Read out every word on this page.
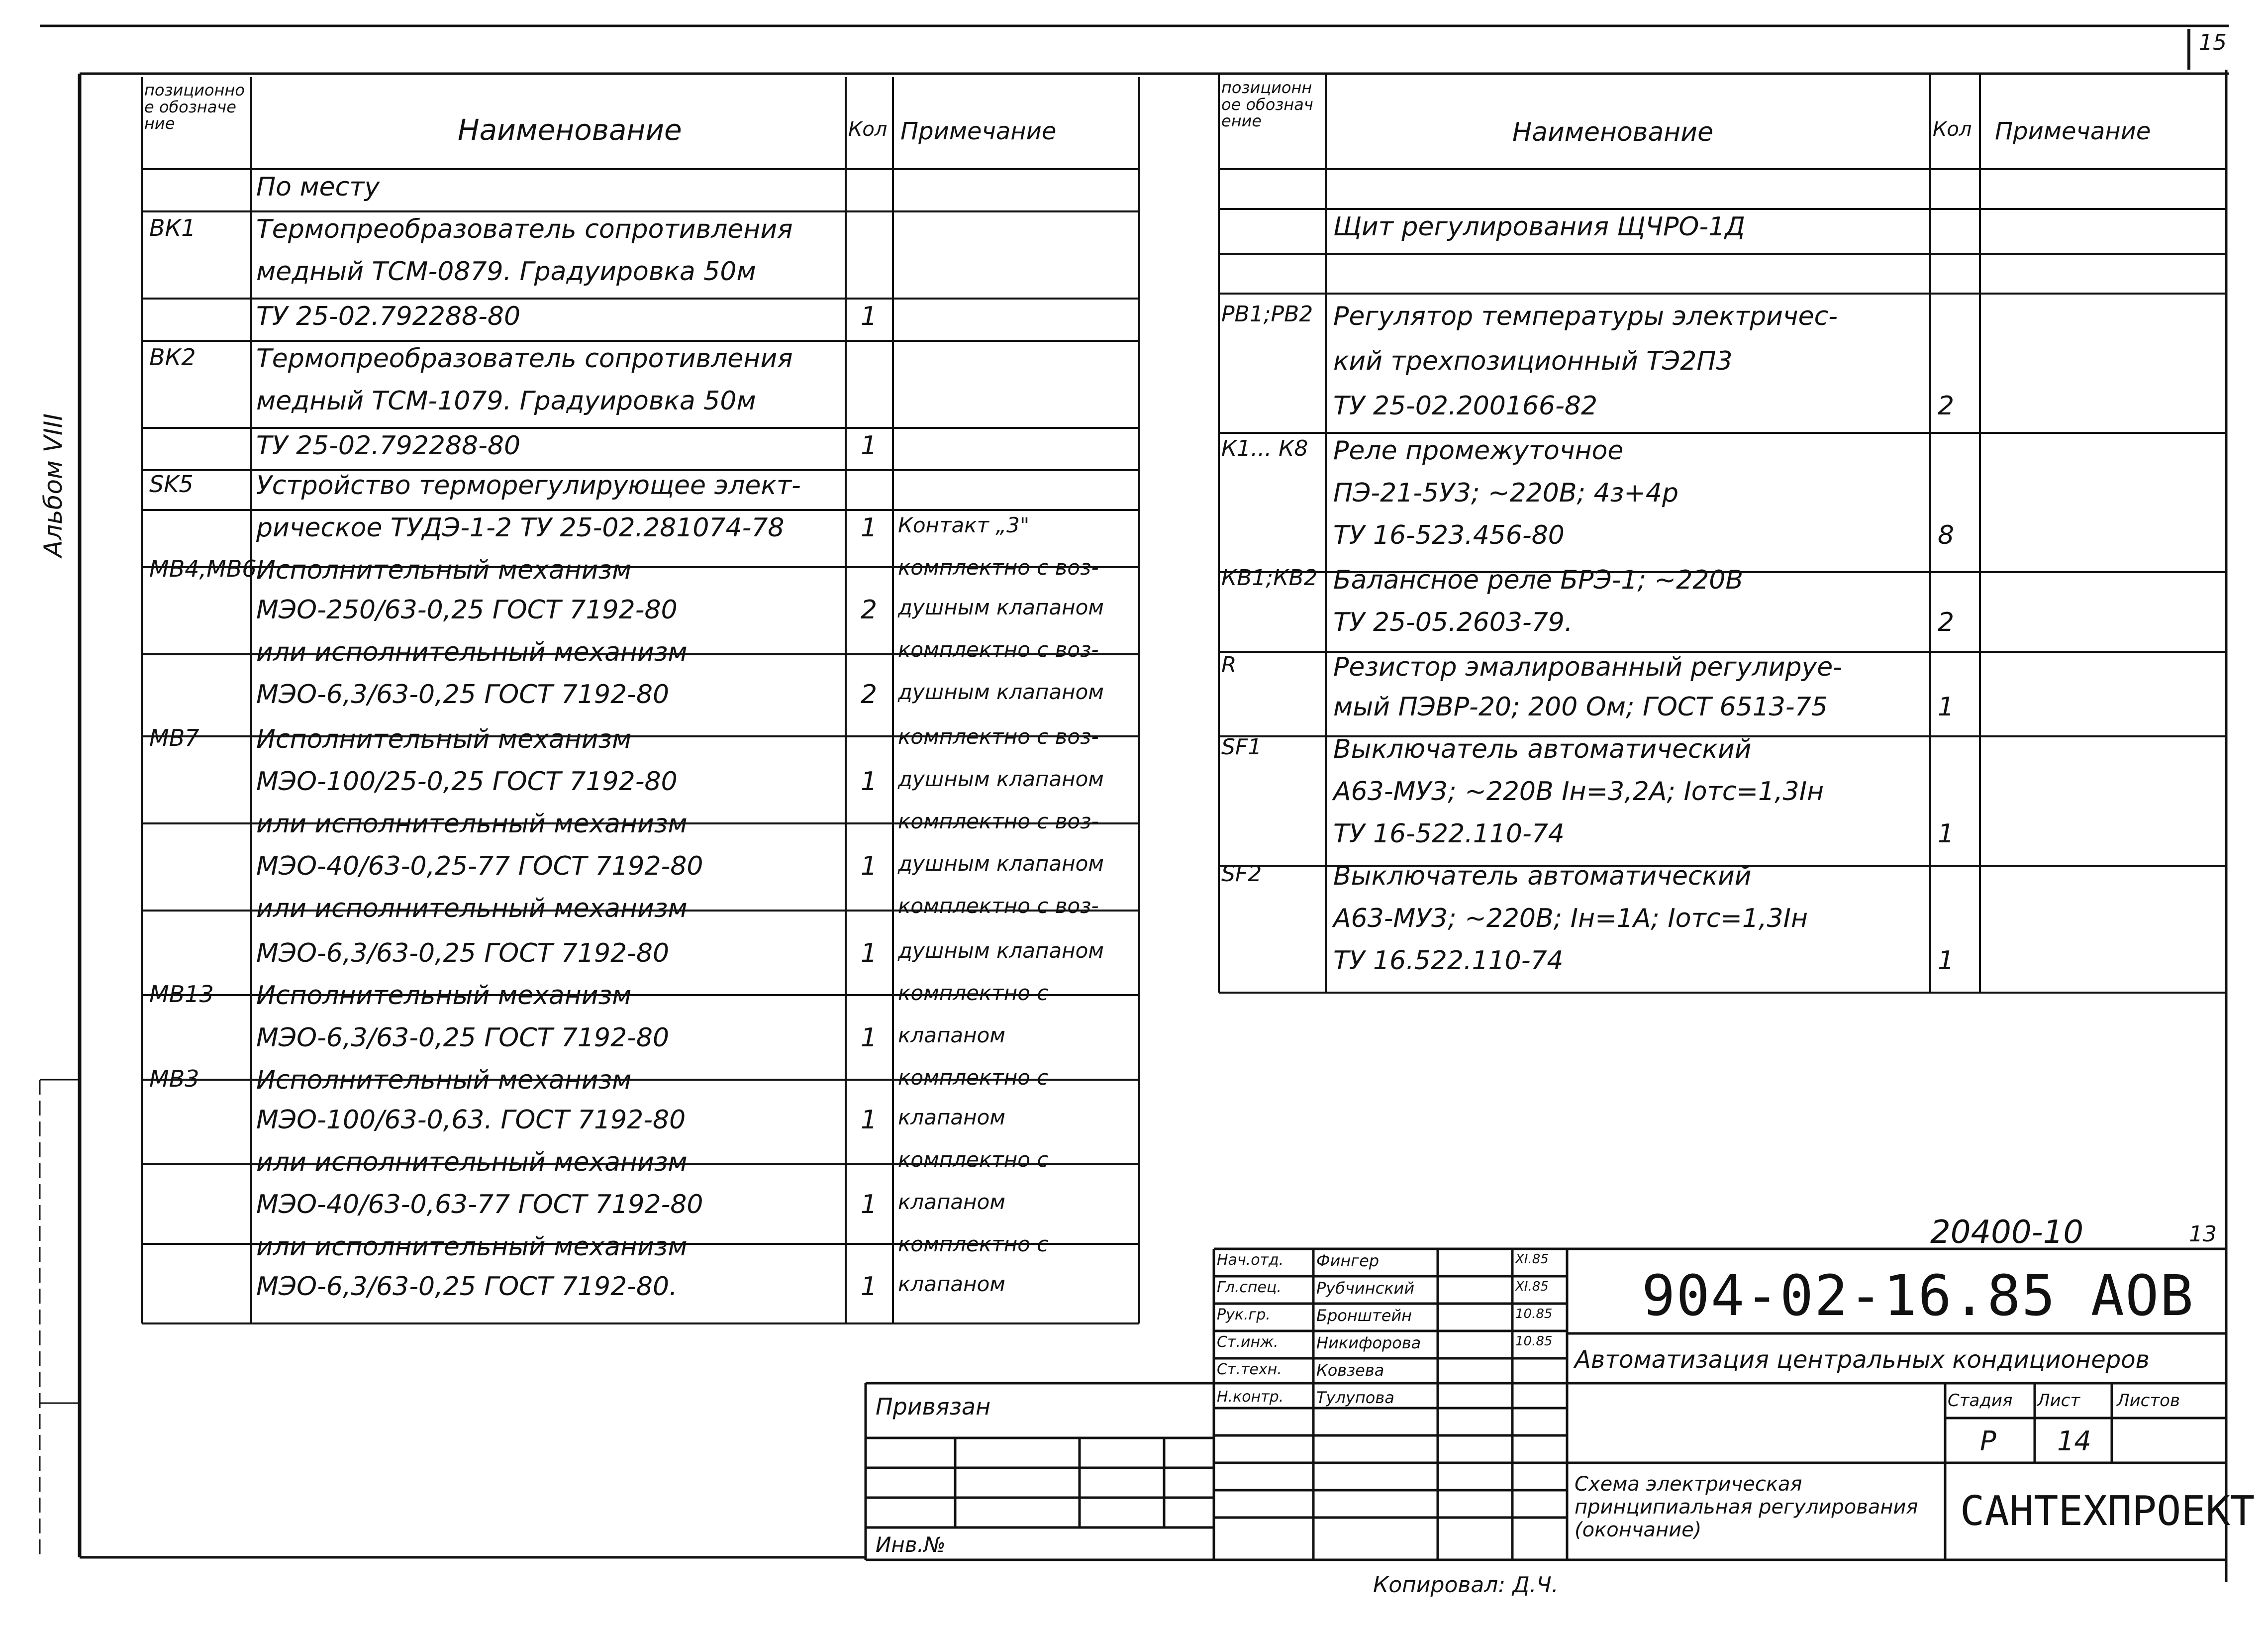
15
Альбом VIII
позиционное обозначение	Наименование	Кол Примечание
По месту
ВК1 Термопреобразователь сопротивления
медный ТСМ-0879. Градуировка 50м
ТУ 25-02.792288-80	1
ВК2 Термопреобразователь сопротивления
медный ТСМ-1079. Градуировка 50м
ТУ 25-02.792288-80	1
SK5 Устройство терморегулирующее элект-
рическое ТУДЭ-1-2 ТУ 25-02.281074-78	1 Контакт „3"
МВ4,МВ6 Исполнительный механизм	комплектно с воз-
МЭО-250/63-0,25 ГОСТ 7192-80	2 душным клапаном
или исполнительный механизм	комплектно с воз-
МЭО-6,3/63-0,25 ГОСТ 7192-80	2 душным клапаном
МВ7 Исполнительный механизм	комплектно с воз-
МЭО-100/25-0,25 ГОСТ 7192-80	1 душным клапаном
или исполнительный механизм	комплектно с воз-
МЭО-40/63-0,25-77 ГОСТ 7192-80	1 душным клапаном
или исполнительный механизм	комплектно с воз-
МЭО-6,3/63-0,25 ГОСТ 7192-80	1 душным клапаном
МВ13 Исполнительный механизм	комплектно с
МЭО-6,3/63-0,25 ГОСТ 7192-80	1 клапаном
МВ3 Исполнительный механизм	комплектно с
МЭО-100/63-0,63. ГОСТ 7192-80	1 клапаном
или исполнительный механизм	комплектно с
МЭО-40/63-0,63-77 ГОСТ 7192-80	1 клапаном
или исполнительный механизм	комплектно с
МЭО-6,3/63-0,25 ГОСТ 7192-80.	1 клапаном
позиционное обозначение	Наименование	Кол Примечание
Щит регулирования ЩЧРО-1Д
РВ1;РВ2 Регулятор температуры электричес-
кий трехпозиционный ТЭ2П3
ТУ 25-02.200166-82	2
К1... К8 Реле промежуточное
ПЭ-21-5У3; ~220В; 4з+4р
ТУ 16-523.456-80	8
КВ1;КВ2 Балансное реле БРЭ-1; ~220В
ТУ 25-05.2603-79.	2
R	Резистор эмалированный регулируе-
мый ПЭВР-20; 200 Ом; ГОСТ 6513-75	1
SF1	Выключатель автоматический
А63-МУ3; ~220В Iн=3,2А; Iотс=1,3Iн
ТУ 16-522.110-74	1
SF2	Выключатель автоматический
А63-МУ3; ~220В; Iн=1А; Iотс=1,3Iн
ТУ 16.522.110-74	1
20400-10	13
904-02-16.85 АОВ
Автоматизация центральных кондиционеров
Стадия Лист Листов
Р 14
Схема электрическая принципиальная регулирования (окончание)	САНТЕХПРОЕКТ
Привязан
Инв.№
Копировал: Д.Ч.
Нач.отд. Фингер	XI.85
Гл.спец. Рубчинский	XI.85
Рук.гр.	Бронштейн	10.85
Ст.инж. Никифорова	10.85
Ст.техн. Ковзева
Н.контр. Тулупова
